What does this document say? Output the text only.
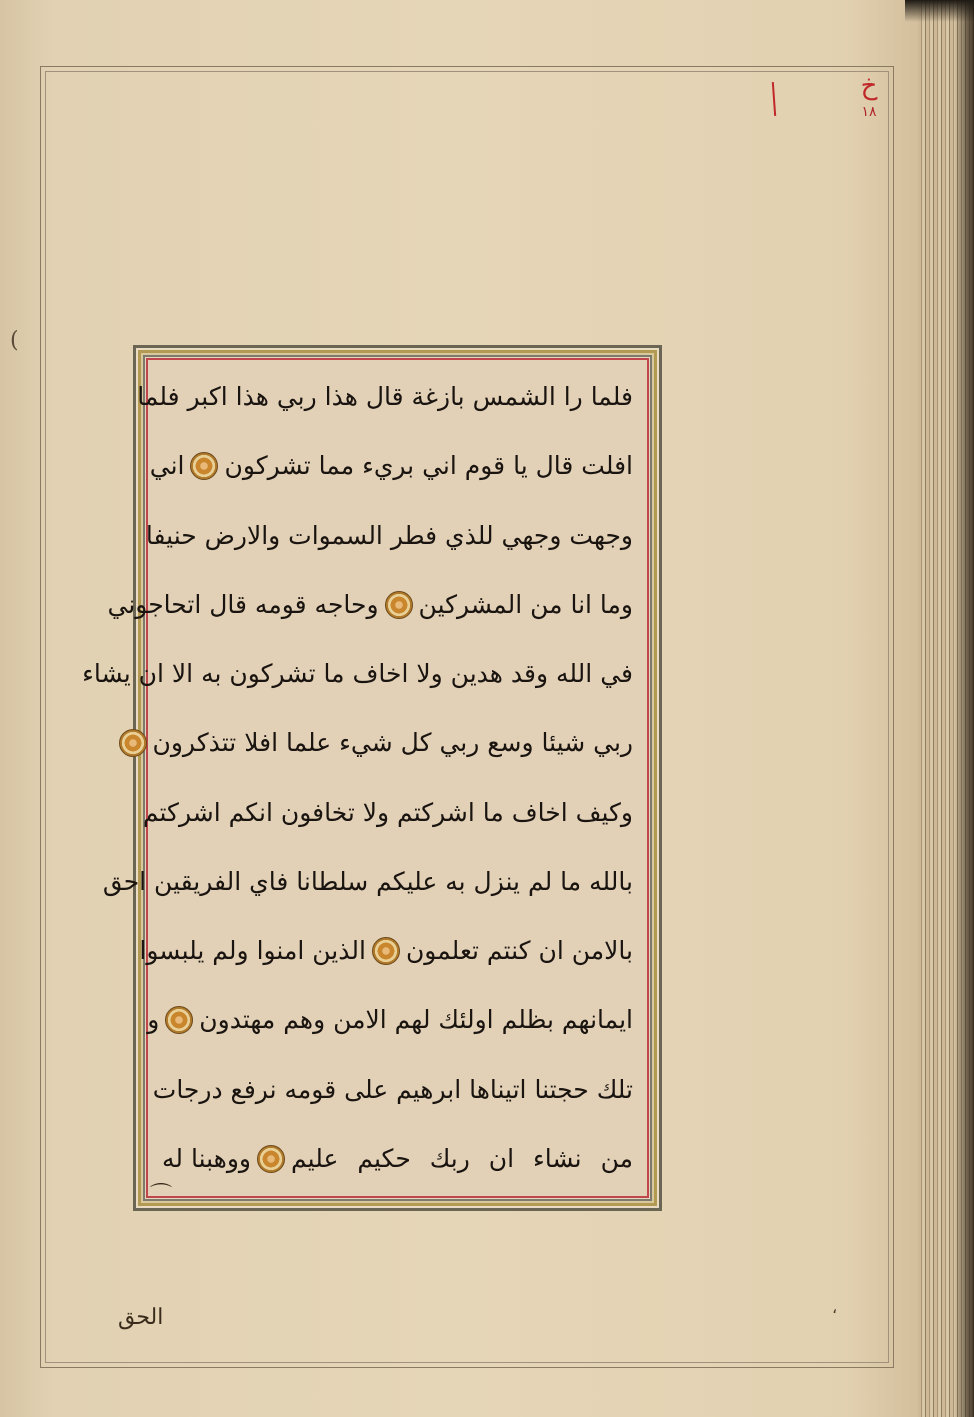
خ
١٨
(
فلما را الشمس بازغة قال هذا ربي هذا اكبر فلما
افلت قال يا قوم اني بريء مما تشركون
اني
وجهت وجهي للذي فطر السموات والارض حنيفا
وما انا من المشركين
وحاجه قومه قال اتحاجوني
في الله وقد هدين ولا اخاف ما تشركون به الا ان يشاء
ربي شيئا وسع ربي كل شيء علما افلا تتذكرون
وكيف اخاف ما اشركتم ولا تخافون انكم اشركتم
بالله ما لم ينزل به عليكم سلطانا فاي الفريقين احق
بالامن ان كنتم تعلمون
الذين امنوا ولم يلبسوا
ايمانهم بظلم اولئك لهم الامن وهم مهتدون
و
تلك حجتنا اتيناها ابرهيم على قومه نرفع درجات
من نشاء ان ربك حكيم عليم
ووهبنا له
⌒
،
الحق
